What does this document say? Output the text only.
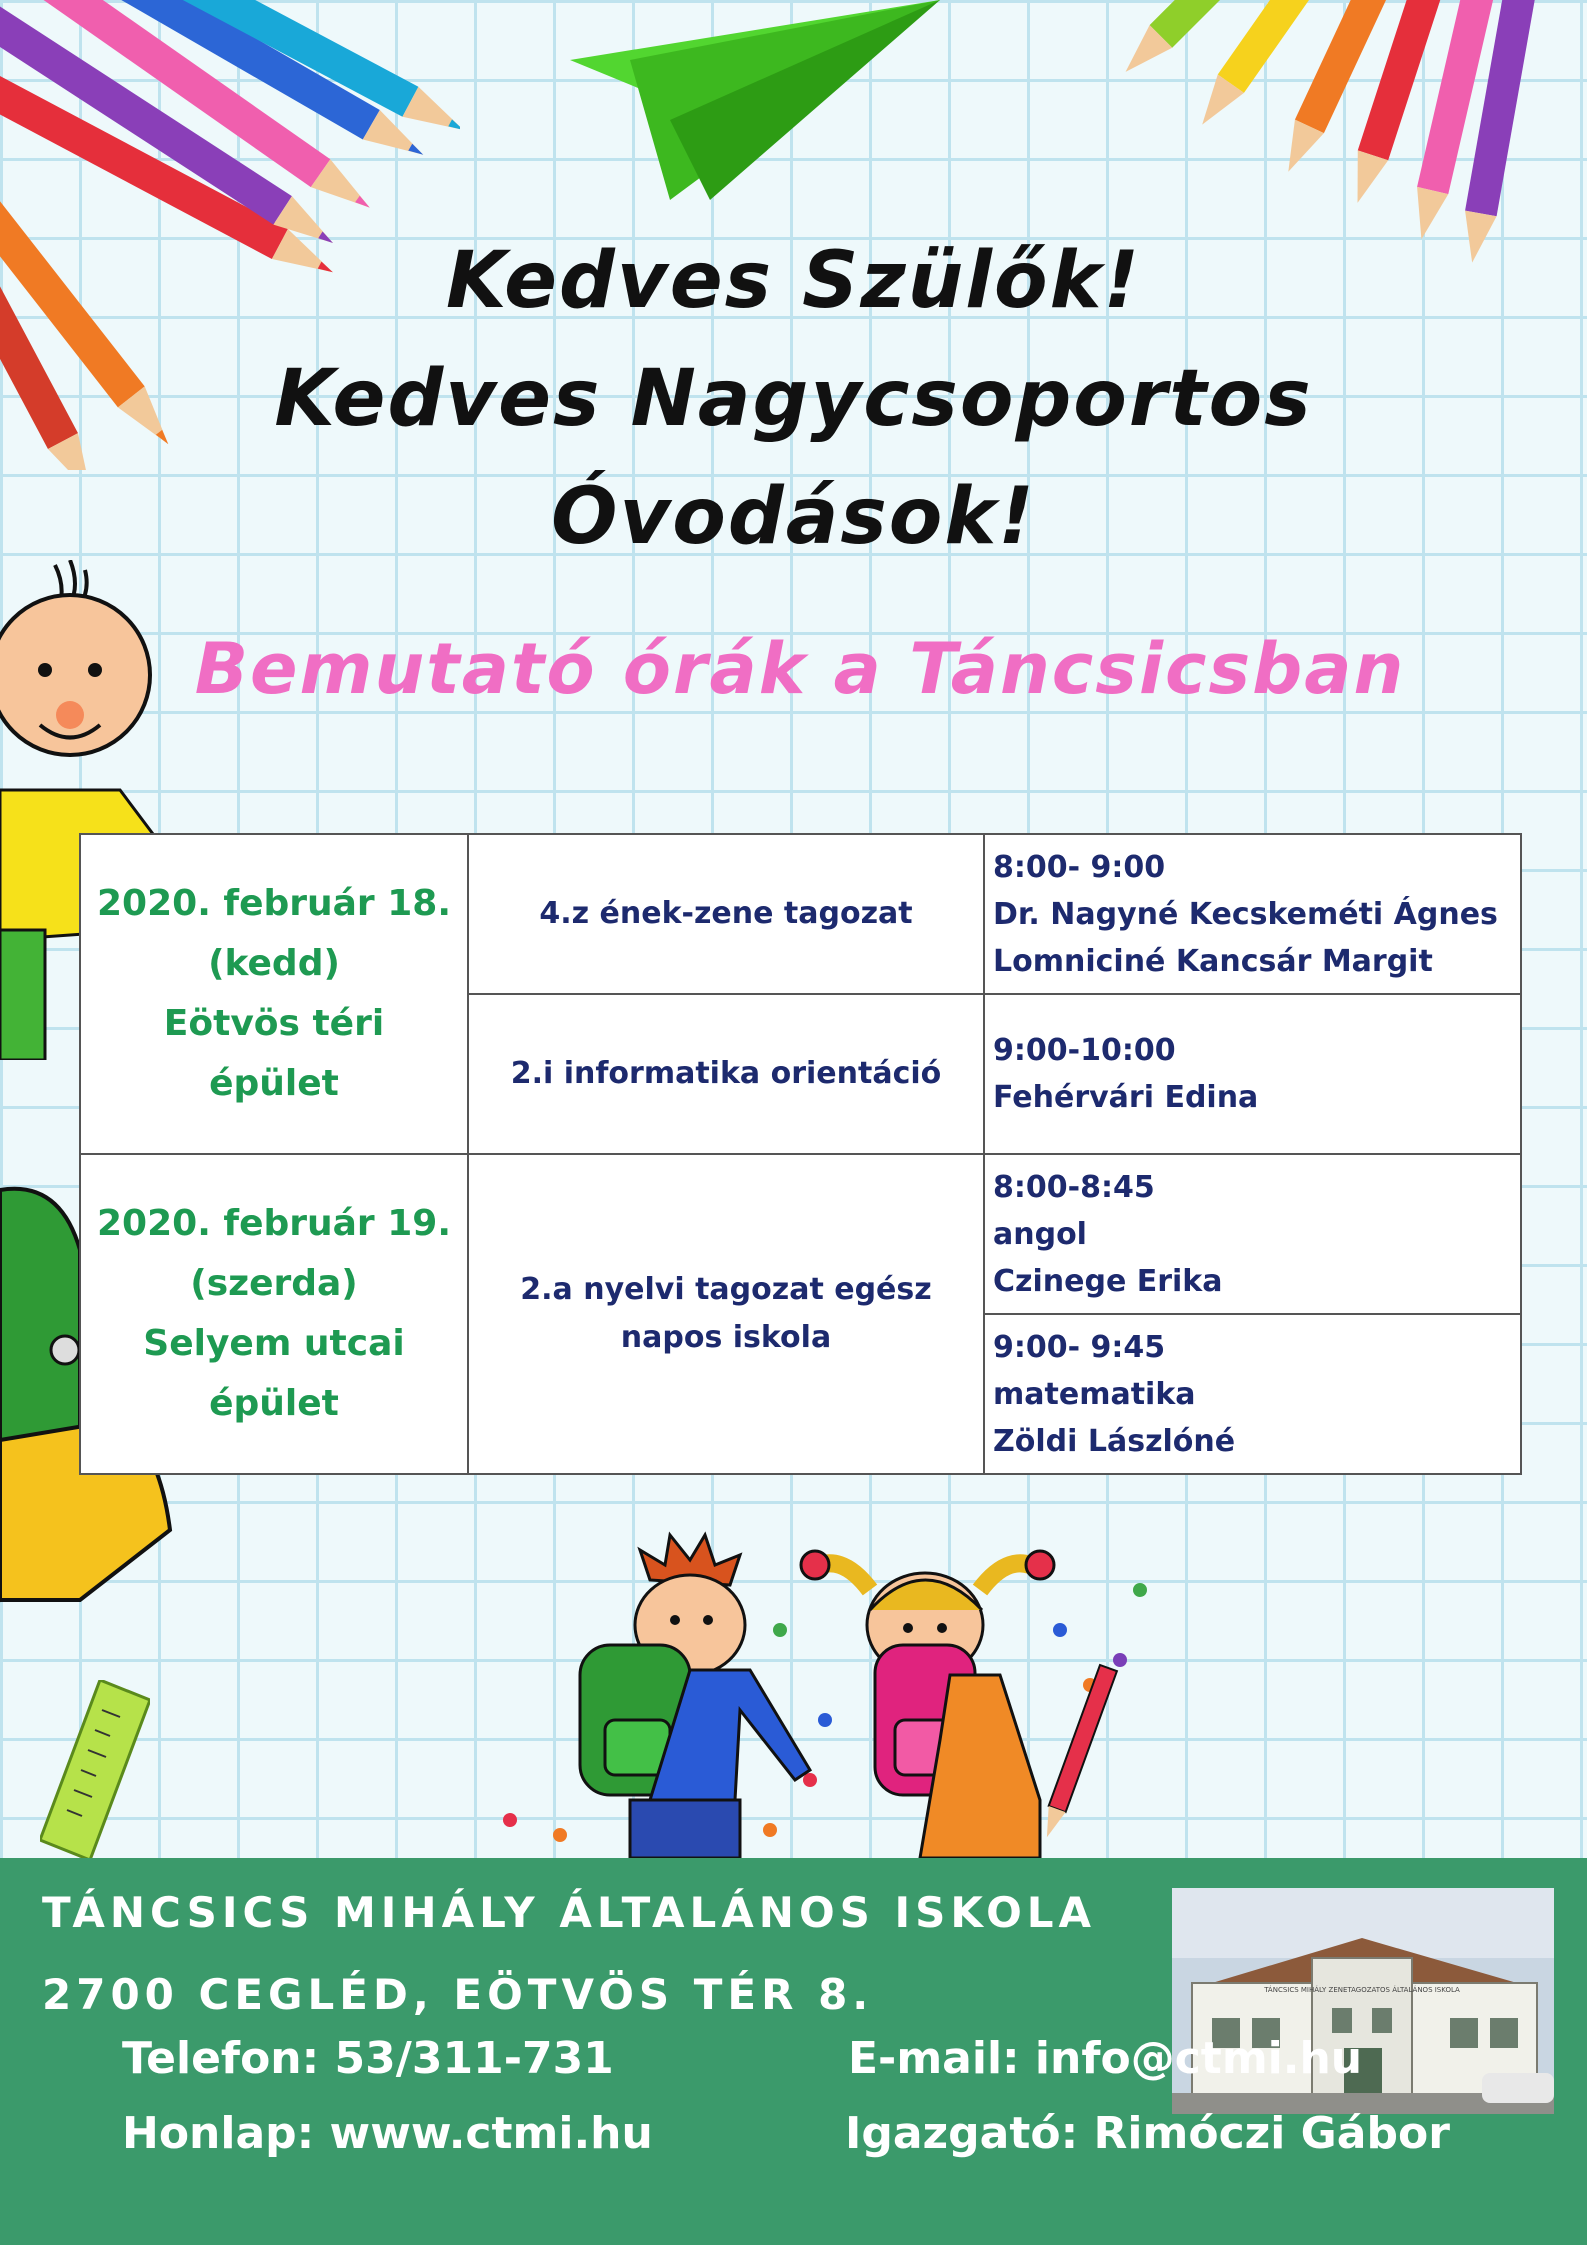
Kedves Szülők!
Kedves Nagycsoportos
Óvodások!
Bemutató órák a Táncsicsban
2020. február 18.
(kedd)
Eötvös téri
épület	4.z ének-zene tagozat	8:00- 9:00
Dr. Nagyné Kecskeméti Ágnes
Lomniciné Kancsár Margit

	2.i informatika orientáció	9:00-10:00
Fehérvári Edina

2020. február 19.
(szerda)
Selyem utcai
épület	2.a nyelvi tagozat egész
napos iskola	8:00-8:45
angol
Czinege Erika

		9:00- 9:45
matematika
Zöldi Lászlóné
TÁNCSICS MIHÁLY ÁLTALÁNOS ISKOLA
2700 CEGLÉD, EÖTVÖS TÉR 8.	TÁNCSICS MIHÁLY ZENETAGOZATOS ÁLTALÁNOS ISKOLA
Telefon: 53/311-731
Honlap: www.ctmi.hu
E-mail: info@ctmi.hu
Igazgató: Rimóczi Gábor
